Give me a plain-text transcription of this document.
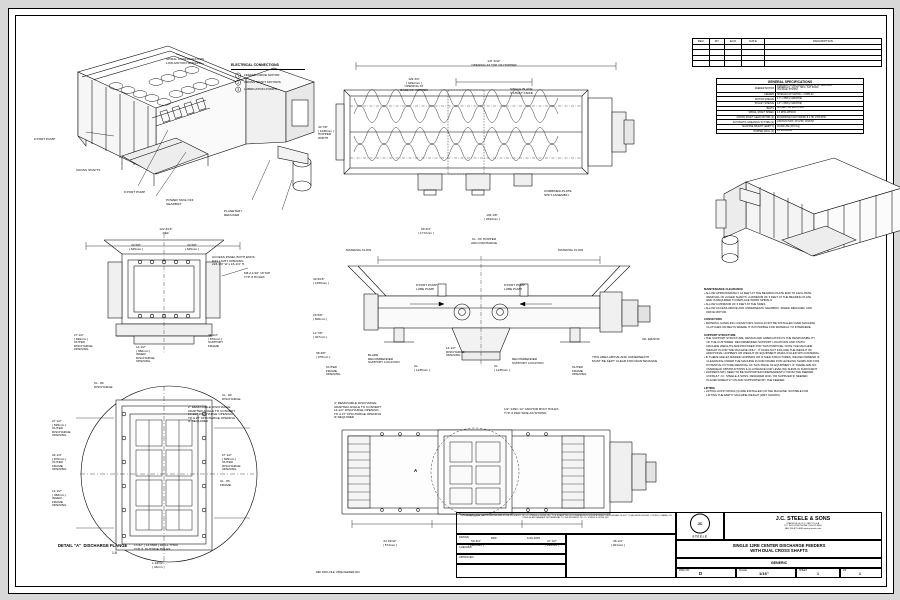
SPIRAL CONFIGURATION
LOW-MOTION SPIRALS
8 PORT PUMP
CROSS SHAFTS
8 PORT PUMP
POWER TAKE OFF
GEARBOX
PLANETARY
REDUCER
ELECTRICAL CONNECTIONS
1 FEEDER DRIVE MOTOR
2 CROSS SHAFT MOTORS
3 LUBRICATION PUMPS
129 3/4"
( 3292mm )
OPENING AT
BASE OF HOPPER
147 3/32"
OPENING AT TOP OF HOPPER
SINGLE BLADE
3 SHAFT KNIFE
COMBINED-PLATE
SHFT ASSEMBLY
40 7/8"
( 1038mm )
HOPPER
WIDTH
122 3/16"
REF.
24 5/8"
( 625mm )
24 5/8"
( 625mm )
ACCESS PANEL BOTH ENDS
DAY LIGHT OPENING
223-1/4" W x 16-1/4" H
27 1/2"
( 699mm )
OUTER
DISCHARGE
OPENING
34 1/4"
( 870mm )
SUPPORT
FRAME
14 1/2"
( 368mm )
INNER
DISCHARGE
OPENING
M8 2-1/16" 18 TAP
TYP. 8 HOLES
69 3/4"
( 1772mm )
103 1/8"
( 2619mm )
MATERIAL FLOW	MATERIAL FLOW
CL. OF HOPPER
AND DISCHARGE
8 PORT PUMP
LUBE PUMP
8 PORT PUMP
LUBE PUMP
OIL DRAINS
THIS AREA ABOVE AND UNDERNEATH
MUST BE KEPT CLEAR FOR MAINTENANCE
49 9/16"
( 1259mm )
23 5/8"
( 600mm )
12 7/8"
( 327mm )
38 3/8"
( 975mm )	BLADE
RECOMMENDED
SUPPORT LOCATION
RECOMMENDED
SUPPORT LOCATION
14 1/2"
DISCHARGE
OPENING
CL.
( 1235mm )
CL.
( 1235mm )
OUTER
FRAME
OPENING
OUTER
FRAME
OPENING
2" REMOVABLE DISCHARGE
ADAPTER ANGLE TO CONVERT
14-1/2" DISCHARGE OPENING
TO A 27" DISCHARGE OPENING
IF REQUIRED
CL. OF
DISCHARGE
CL. OF
DISCHARGE
27 1/2"
( 699mm )
OUTER
DISCHARGE
OPENING
34 1/4"
( 870mm )
OUTER
FRAME
OPENING
14 1/2"
( 368mm )
INNER
FRAME
OPENING
27 1/2"
( 699mm )
OUTER
DISCHARGE
OPENING
CL. OF
FRAME
17/32" ( 13.5MM ) DRILL THRU
TYP. 8  OUTSIDE HOLES
1 23/32"
( 43mm )
DETAIL "A"  DISCHARGE FLANGE
1:8
4" REMOVABLE DISCHARGE
ADAPTER ANGLE TO CONVERT
14-1/2" DISCHARGE OPENING
TO A 27" DISCHARGE OPENING
IF REQUIRED
1/2"-13NC 12" ANCHOR BOLT HOLES
TYP. 8 PER SIDE AS SHOWN
A
22 19/32"
( 574mm )
50 3/4"
( 1289mm )
27 1/2"
( 699mm )
36 1/4"
( 921mm )
REV.	BY	ECO	DATE	DESCRIPTION

GENERAL SPECIFICATIONS
FEEDER MOTOR	MANUFACTURER, BLACK MAGIC 30 HP 1800 RPM,
GENERAL C. 1-8 HP, TEFC, CAT #4160,
VOLTAGE: 575/3/60
FEEDER	SPIRAL#1 ACTUATOR + 4 RPM #2
MOTOR SHEAVE	4.7" x 35/8 (2 GROOVE)
PULLEY SHEAVE	9.2" x 35/8 (2 GROOVE)
BELTS	B/C BELT OR MATCHING
SPIRAL SHAFT SPEED	4.5 RPM APPROX
CROSS SHAFT GEAR MOTOR (2)	EURODRIVE KA67/TR/DRN 8 3 HP, 1750 RPM
AUTOMATIC GREASING SYSTEM (2)	LINCOLN P203 ( 48 & 58 ) 115/1/60
MACHINE WEIGHT (EMPTY)	18,000 LBS (1570 Kg)
HOPPER WALL (2)	1/4 MATERIAL
MAINTENANCE CLEARANCE
• ALLOW APPROXIMATELY 12 FEET AT THE BEARING PLATE END TO FACILITATE
REMOVAL OF AUGER SHAFTS. A MINIMUM OF 3 FEET AT THE BEARING PLATE
END IS REQUIRED TO REPLACE WORN SPIRALS.
• ALLOW A MINIMUM OF 3 FEET AT THE SIDES.
• ALLOW ACCESS ABOVE AND UNDERNEATH GEARBOX, SPEED REDUCER, AND
DRIVE MOTOR.
CONVEYORS
• MATERIAL HANDLING CONVEYORS SHOULD NOT BE INSTALLED OVER MACHINE
CLUTCHES OR BELTS WHERE IT IS POSSIBLE FOR MATERIAL TO INTERFERE.
SUPPORT STRUCTURE
• THE SUPPORT STRUCTURE, DESIGN AND FABRICATION IS THE RESPONSIBILITY
OF THE CUSTOMER. RECOMMENDED SUPPORT LOCATIONS AND STATIC
MACHINE WEIGHTS ARE PROVIDED FOR THIS PURPOSE. NOTE THE MACHINE
WEIGHT IS FOR THE MACHINE ONLY - IT DOES NOT INCLUDE THE WEIGHT OF
ADDITIONAL HOPPERS OR WEIGHT OF EQUIPMENT WHICH FILLED WITH MATERIAL.
• IF THERE ARE EXTENDED HOPPERS OR OTHER STRUCTURES, WE RECOMMEND IF
CLEARANCE UNDER THE MACHINE FLOOR FRAME FOR LEVELING SHIMS AND FOR
POTENTIAL FUTURE REMOVAL OF THIS PIECE OF EQUIPMENT. IF THERE ARE NO
OVERHEAD OBSTRUCTIONS & ALLOWANCE FOR LEVELING SHIMS IS SUFFICIENT.
• HOPPERS MAY NEED TO BE SUPPORTED INDEPENDENTLY FROM THE FEEDER.
CONSULT J.C. STEELE & SONS. DESIGNER AND / OR SUPPLIER IF NEEDED.
PLACED DIRECTLY ON AND SUPPORTED BY THE FEEDER.
LIFTING
• LIFTING HOIST RINGS (4) ARE INSTALLED ON THE MACHINE, SUITABLE FOR
LIFTING THE EMPTY MACHINE WEIGHT (WET SHOWN).
THIS DRAWING AND THE DESIGN SHOWN IS THE PROPERTY OF J.C. STEELE & SONS, INC. IT IS SUBMITTED IN CONFIDENCE FOR A SPECIFIED PURPOSE AND IS NOT TO BE REPRODUCED, COPIED, LOANED OR USED IN ANY MANNER DETRIMENTAL TO THE INTEREST OF J.C. STEELE & SONS, INC.
JC
STEELE
J.C. STEELE & SONS
STATESVILLE, N.C. 28677 U.S.A.
P.O. BOX 1834 PHONE 704-872-3681
FAX 704-872-4849 www.jcsteele.com
SINGLE 12RE CENTER DISCHARGE FEEDERS
WITH DUAL CROSS SHAFTS
GENERIC
DRAWN	DRF	6-09-2009
CHECKED
APPROVED
DWG NO.
D
SCALE
1/16"
SHEET
1
OF
1
REF DWG FILE: 25RE-FEEDER-000
